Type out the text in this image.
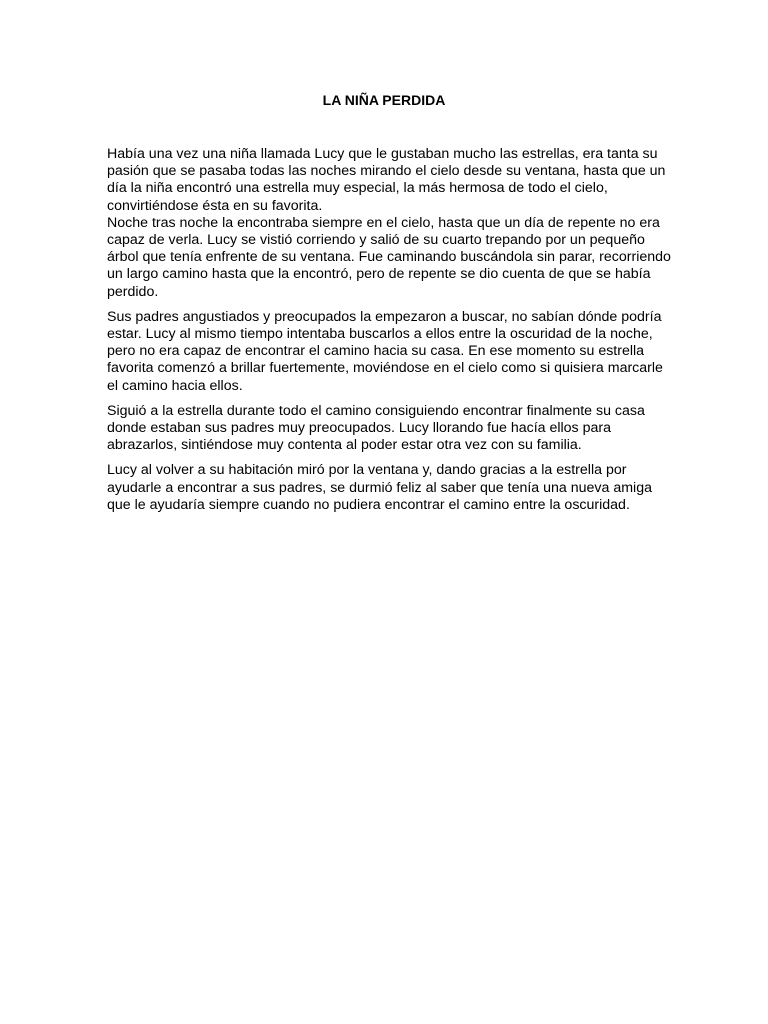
LA NIÑA PERDIDA

Había una vez una niña llamada Lucy que le gustaban mucho las estrellas, era tanta su
pasión que se pasaba todas las noches mirando el cielo desde su ventana, hasta que un
día la niña encontró una estrella muy especial, la más hermosa de todo el cielo,
convirtiéndose ésta en su favorita.
Noche tras noche la encontraba siempre en el cielo, hasta que un día de repente no era
capaz de verla. Lucy se vistió corriendo y salió de su cuarto trepando por un pequeño
árbol que tenía enfrente de su ventana. Fue caminando buscándola sin parar, recorriendo
un largo camino hasta que la encontró, pero de repente se dio cuenta de que se había
perdido.

Sus padres angustiados y preocupados la empezaron a buscar, no sabían dónde podría
estar. Lucy al mismo tiempo intentaba buscarlos a ellos entre la oscuridad de la noche,
pero no era capaz de encontrar el camino hacia su casa. En ese momento su estrella
favorita comenzó a brillar fuertemente, moviéndose en el cielo como si quisiera marcarle
el camino hacia ellos.

Siguió a la estrella durante todo el camino consiguiendo encontrar finalmente su casa
donde estaban sus padres muy preocupados. Lucy llorando fue hacía ellos para
abrazarlos, sintiéndose muy contenta al poder estar otra vez con su familia.

Lucy al volver a su habitación miró por la ventana y, dando gracias a la estrella por
ayudarle a encontrar a sus padres, se durmió feliz al saber que tenía una nueva amiga
que le ayudaría siempre cuando no pudiera encontrar el camino entre la oscuridad.
